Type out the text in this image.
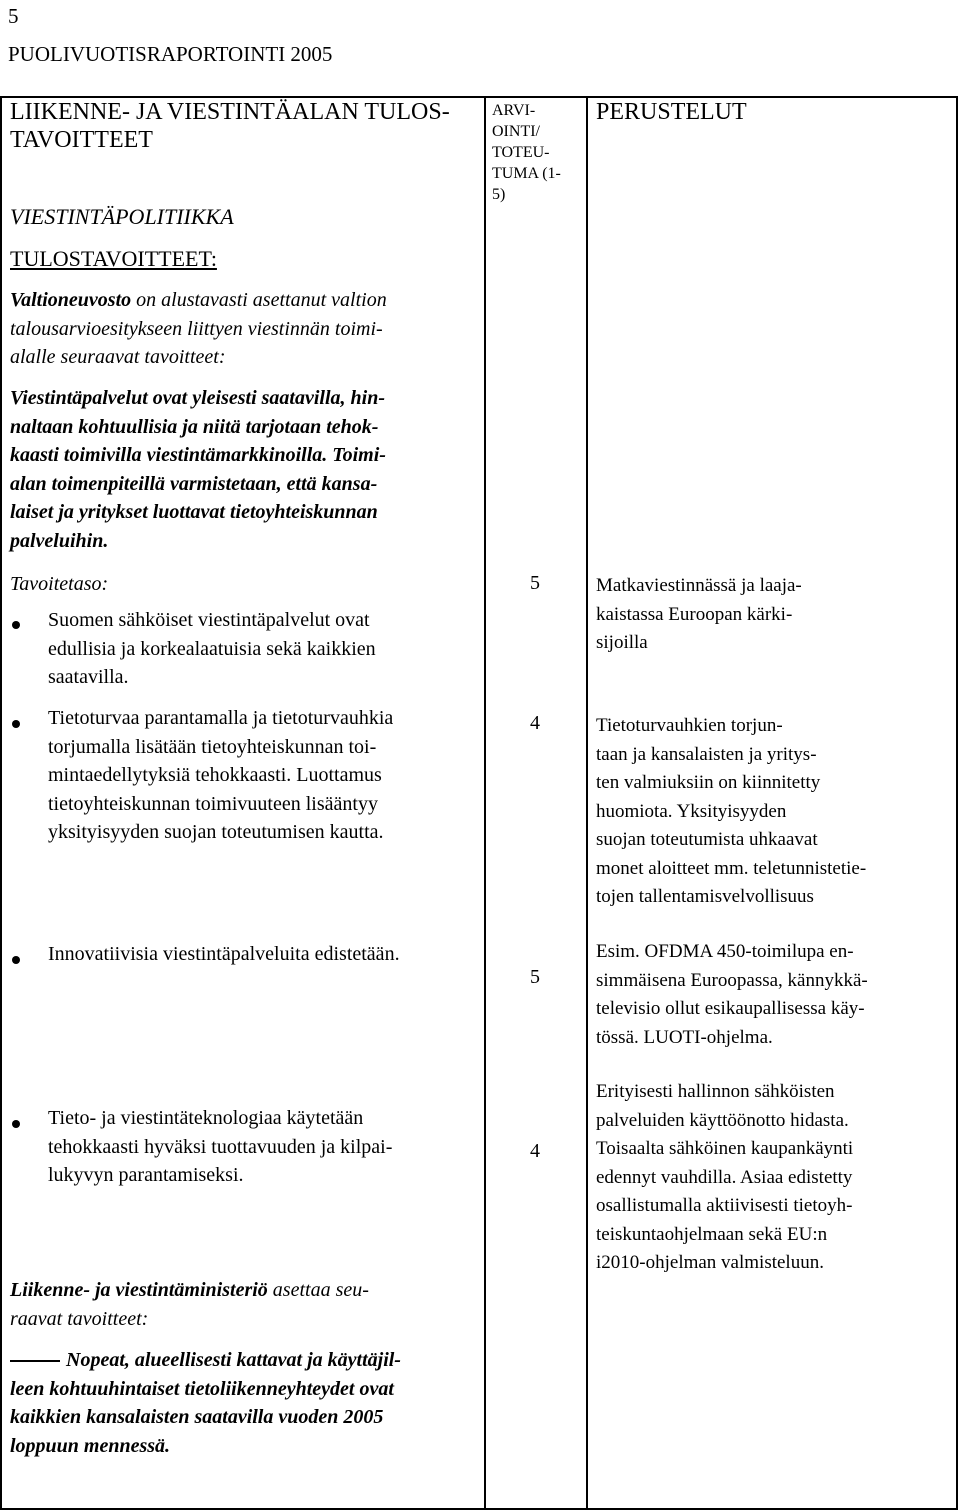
5
PUOLIVUOTISRAPORTOINTI 2005

LIIKENNE- JA VIESTINTÄALAN TULOS-

TAVOITTEET

ARVI-

OINTI/

TOTEU-

TUMA (1-

5)

PERUSTELUT
VIESTINTÄPOLITIIKKA
TULOSTAVOITTEET:

Valtioneuvosto on alustavasti asettanut valtion

talousarvioesitykseen liittyen viestinnän toimi-

alalle seuraavat tavoitteet:

Viestintäpalvelut ovat yleisesti saatavilla, hin-

naltaan kohtuullisia ja niitä tarjotaan tehok-

kaasti toimivilla viestintämarkkinoilla. Toimi-

alan toimenpiteillä varmistetaan, että kansa-

laiset ja yritykset luottavat tietoyhteiskunnan

palveluihin.

Tavoitetaso:

Suomen sähköiset viestintäpalvelut ovat

edullisia ja korkealaatuisia sekä kaikkien

saatavilla.

5	Matkaviestinnässä ja laaja-

kaistassa Euroopan kärki-

sijoilla

Tietoturvaa parantamalla ja tietoturvauhkia

torjumalla lisätään tietoyhteiskunnan toi-

mintaedellytyksiä tehokkaasti. Luottamus

tietoyhteiskunnan toimivuuteen lisääntyy

yksityisyyden suojan toteutumisen kautta.

4	Tietoturvauhkien torjun-

taan ja kansalaisten ja yritys-

ten valmiuksiin on kiinnitetty

huomiota. Yksityisyyden

suojan toteutumista uhkaavat

monet aloitteet mm. teletunnistetie-

tojen tallentamisvelvollisuus

Innovatiivisia viestintäpalveluita edistetään.

5

Esim. OFDMA 450-toimilupa en-

simmäisena Euroopassa, kännykkä-

televisio ollut esikaupallisessa käy-

tössä. LUOTI-ohjelma.

Tieto- ja viestintäteknologiaa käytetään

tehokkaasti hyväksi tuottavuuden ja kilpai-

lukyvyn parantamiseksi.

4

Erityisesti hallinnon sähköisten

palveluiden käyttöönotto hidasta.

Toisaalta sähköinen kaupankäynti

edennyt vauhdilla. Asiaa edistetty

osallistumalla aktiivisesti tietoyh-

teiskuntaohjelmaan sekä EU:n

i2010-ohjelman valmisteluun.

Liikenne- ja viestintäministeriö asettaa seu-

raavat tavoitteet:

Nopeat, alueellisesti kattavat ja käyttäjil-

leen kohtuuhintaiset tietoliikenneyhteydet ovat

kaikkien kansalaisten saatavilla vuoden 2005

loppuun mennessä.
